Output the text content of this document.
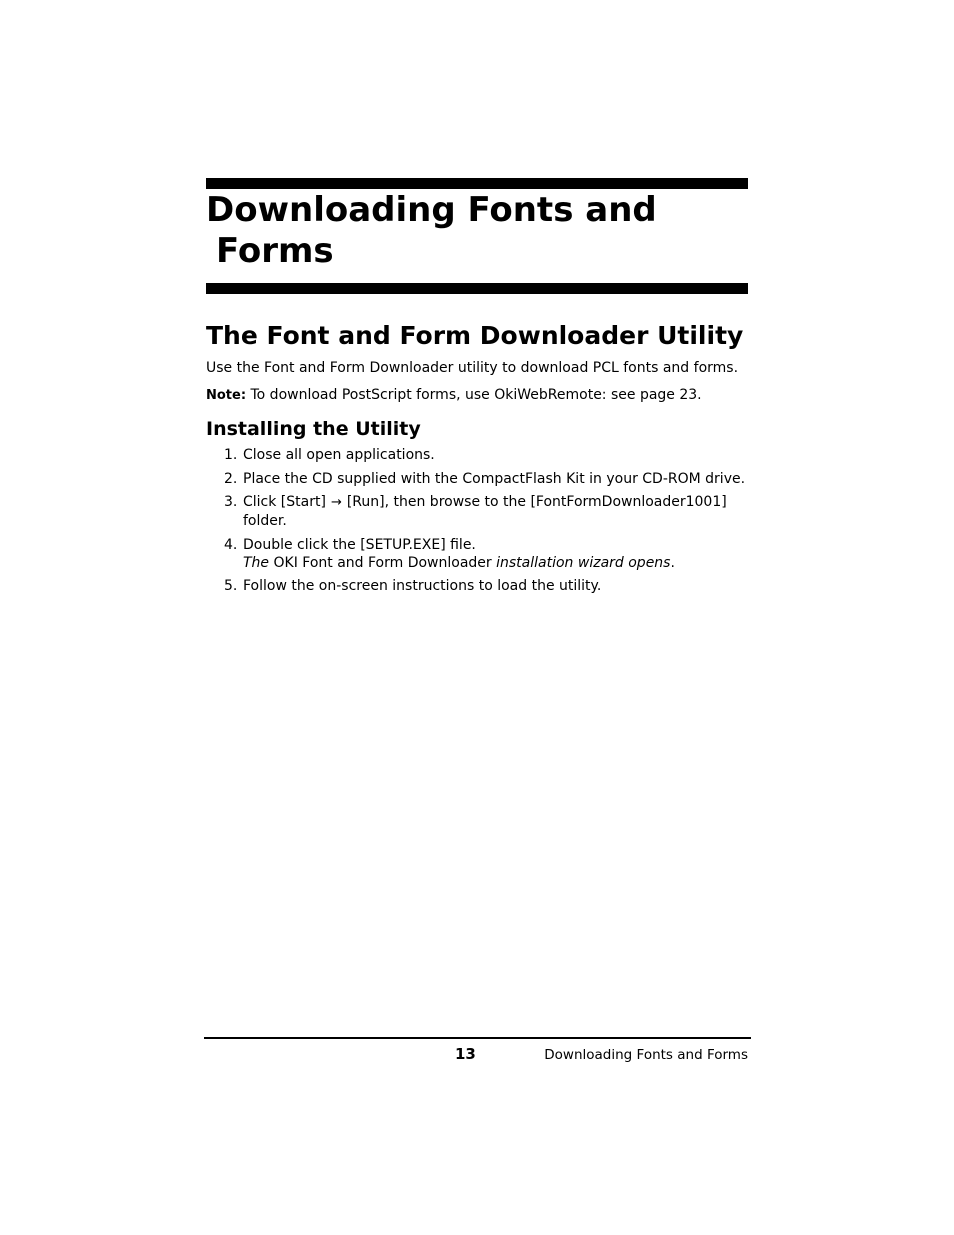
Downloading Fonts and
Forms
The Font and Form Downloader Utility

Use the Font and Form Downloader utility to download PCL fonts and forms.

Note: To download PostScript forms, use OkiWebRemote: see page 23.

Installing the Utility
1. Close all open applications.
2. Place the CD supplied with the CompactFlash Kit in your CD-ROM drive.
3. Click [Start] → [Run], then browse to the [FontFormDownloader1001]
folder.
4. Double click the [SETUP.EXE] file.
The OKI Font and Form Downloader installation wizard opens.
5. Follow the on-screen instructions to load the utility.
13	Downloading Fonts and Forms
